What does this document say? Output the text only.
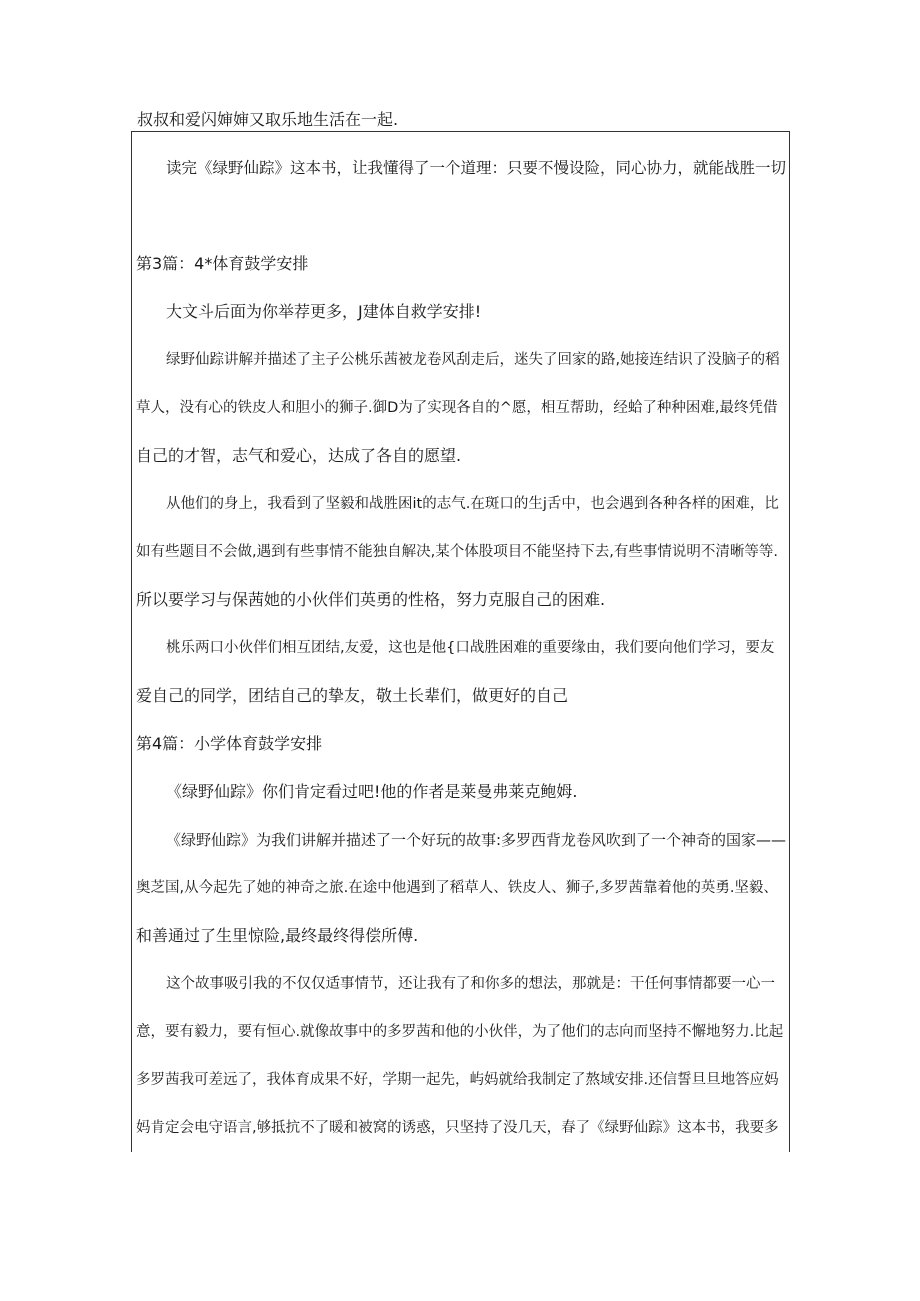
叔叔和爱闪婶婶又取乐地生活在一起.
读完《绿野仙踪》这本书，让我懂得了一个道理：只要不慢设险，同心协力，就能战胜一切
第3篇：4*体育鼓学安排
大文斗后面为你举荐更多，J建体自救学安排!
绿野仙踪讲解并描述了主子公桃乐茜被龙卷风刮走后，迷失了回家的路,她接连结识了没脑子的稻
草人，没有心的铁皮人和胆小的狮子.御D为了实现各自的^愿，相互帮助，经蛤了种种困难,最终凭借
自己的才智，志气和爱心，达成了各自的愿望.
从他们的身上，我看到了坚毅和战胜困it的志气.在斑口的生j舌中，也会遇到各种各样的困难，比
如有些题目不会做,遇到有些事情不能独自解决,某个体股项目不能坚持下去,有些事情说明不清晰等等.
所以要学习与保茜她的小伙伴们英勇的性格，努力克服自己的困难.
桃乐两口小伙伴们相互团结,友爱，这也是他{口战胜困难的重要缘由，我们要向他们学习，要友
爱自己的同学，团结自己的挚友，敬土长辈们，做更好的自己
第4篇：小学体育鼓学安排
《绿野仙踪》你们肯定看过吧!他的作者是莱曼弗莱克鲍姆.
《绿野仙踪》为我们讲解并描述了一个好玩的故事:多罗西背龙卷风吹到了一个神奇的国家——
奥芝国,从今起先了她的神奇之旅.在途中他遇到了稻草人、铁皮人、狮子,多罗茜靠着他的英勇.坚毅、
和善通过了生里惊险,最终最终得偿所傅.
这个故事吸引我的不仅仅适事情节，还让我有了和你多的想法，那就是：干任何事情都要一心一
意，要有毅力，要有恒心.就像故事中的多罗茜和他的小伙伴，为了他们的志向而坚持不懈地努力.比起
多罗茜我可差远了，我体育成果不好，学期一起先，屿妈就给我制定了熬域安排.还信誓旦旦地答应妈
妈肯定会电守语言,够抵抗不了暖和被窝的诱惑，只坚持了没几天，春了《绿野仙踪》这本书，我要多
